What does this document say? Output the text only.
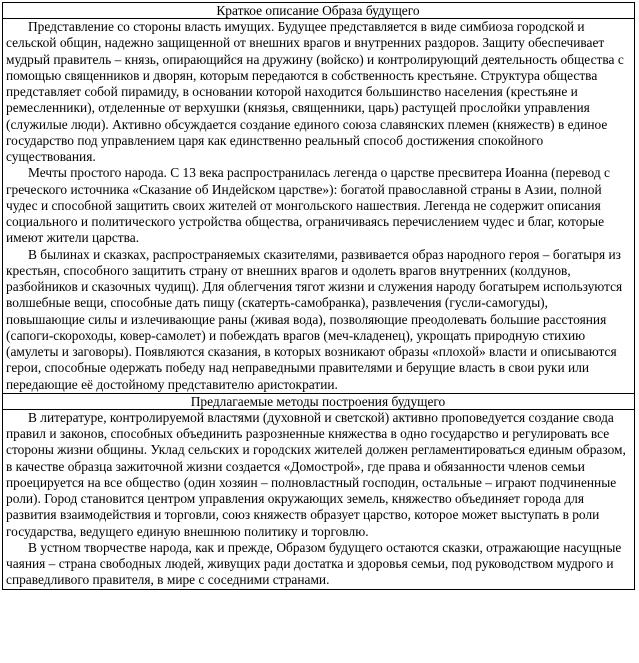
Краткое описание Образа будущего

Представление со стороны власть имущих. Будущее представляется в виде симбиоза городской и сельской общин, надежно защищенной от внешних врагов и внутренних раздоров. Защиту обеспечивает мудрый правитель – князь, опирающийся на дружину (войско) и контролирующий деятельность общества с помощью священников и дворян, которым передаются в собственность крестьяне. Структура общества представляет собой пирамиду, в основании которой находится большинство населения (крестьяне и ремесленники), отделенные от верхушки (князья, священники, царь) растущей прослойки управления (служилые люди). Активно обсуждается создание единого союза славянских племен (княжеств) в единое государство под управлением царя как единственно реальный способ достижения спокойного существования.

Мечты простого народа. С 13 века распространилась легенда о царстве пресвитера Иоанна (перевод с греческого источника «Сказание об Индейском царстве»): богатой православной страны в Азии, полной чудес и способной защитить своих жителей от монгольского нашествия. Легенда не содержит описания социального и политического устройства общества, ограничиваясь перечислением чудес и благ, которые имеют жители царства.

В былинах и сказках, распространяемых сказителями, развивается образ народного героя – богатыря из крестьян, способного защитить страну от внешних врагов и одолеть врагов внутренних (колдунов, разбойников и сказочных чудищ). Для облегчения тягот жизни и служения народу богатырем используются волшебные вещи, способные дать пищу (скатерть-самобранка), развлечения (гусли-самогуды), повышающие силы и излечивающие раны (живая вода), позволяющие преодолевать большие расстояния (сапоги-скороходы, ковер-самолет) и побеждать врагов (меч-кладенец), укрощать природную стихию (амулеты и заговоры). Появляются сказания, в которых возникают образы «плохой» власти и описываются герои, способные одержать победу над неправедными правителями и берущие власть в свои руки или передающие её достойному представителю аристократии.

Предлагаемые методы построения будущего

В литературе, контролируемой властями (духовной и светской) активно проповедуется создание свода правил и законов, способных объединить разрозненные княжества в одно государство и регулировать все стороны жизни общины. Уклад сельских и городских жителей должен регламентироваться единым образом, в качестве образца зажиточной жизни создается «Домострой», где права и обязанности членов семьи проецируется на все общество (один хозяин – полновластный господин, остальные – играют подчиненные роли). Город становится центром управления окружающих земель, княжество объединяет города для развития взаимодействия и торговли, союз княжеств образует царство, которое может выступать в роли государства, ведущего единую внешнюю политику и торговлю.

В устном творчестве народа, как и прежде, Образом будущего остаются сказки, отражающие насущные чаяния – страна свободных людей, живущих ради достатка и здоровья семьи, под руководством мудрого и справедливого правителя, в мире с соседними странами.
